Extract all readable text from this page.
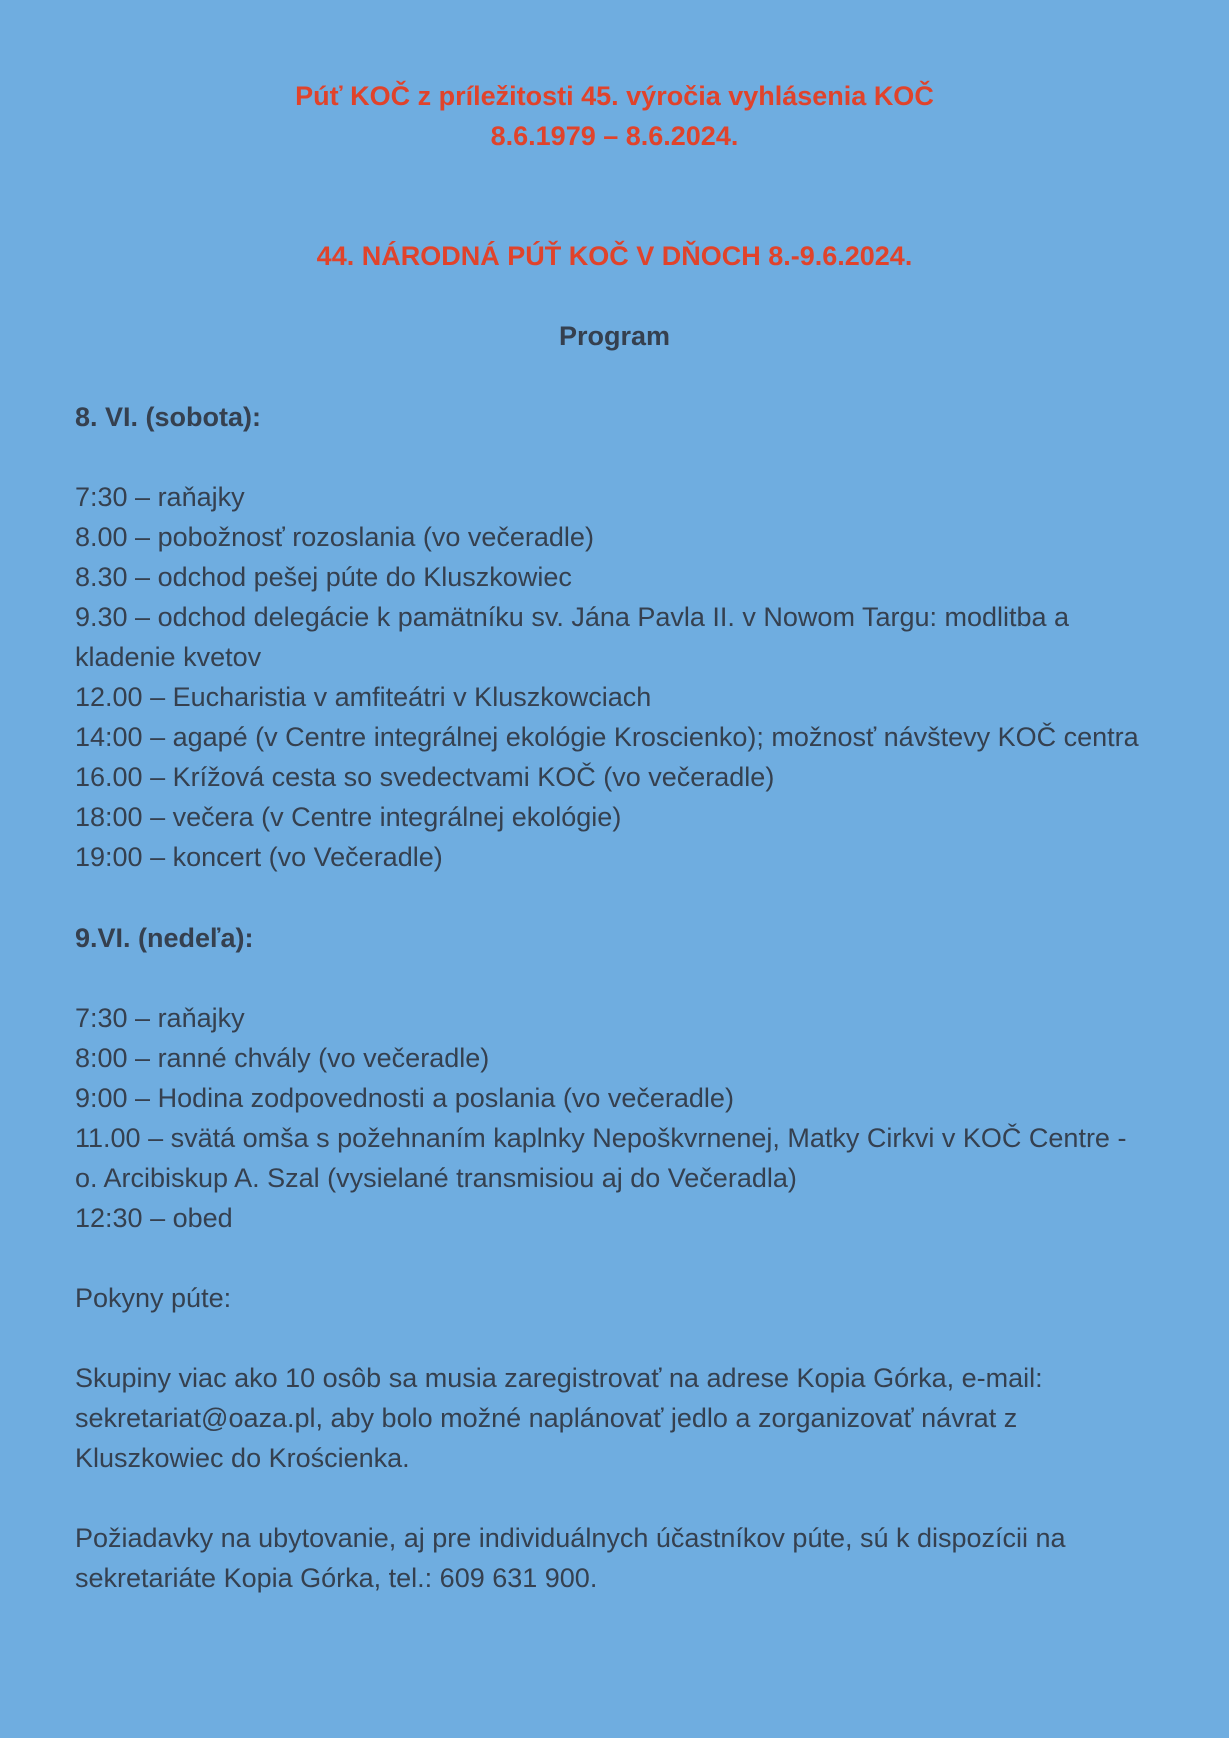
Púť KOČ z príležitosti 45. výročia vyhlásenia KOČ
8.6.1979 – 8.6.2024.
44. NÁRODNÁ PÚŤ KOČ V DŇOCH 8.-9.6.2024.
Program
8. VI. (sobota):
7:30 – raňajky
8.00 – pobožnosť rozoslania (vo večeradle)
8.30 – odchod pešej púte do Kluszkowiec
9.30 – odchod delegácie k pamätníku sv. Jána Pavla II. v Nowom Targu: modlitba a kladenie kvetov
12.00 – Eucharistia v amfiteátri v Kluszkowciach
14:00 – agapé (v Centre integrálnej ekológie Kroscienko); možnosť návštevy KOČ centra
16.00 – Krížová cesta so svedectvami KOČ (vo večeradle)
18:00 – večera (v Centre integrálnej ekológie)
19:00 – koncert (vo Večeradle)
9.VI. (nedeľa):
7:30 – raňajky
8:00 – ranné chvály (vo večeradle)
9:00 – Hodina zodpovednosti a poslania (vo večeradle)
11.00 – svätá omša s požehnaním kaplnky Nepoškvrnenej, Matky Cirkvi v KOČ Centre - o. Arcibiskup A. Szal (vysielané transmisiou aj do Večeradla)
12:30 – obed

Pokyny púte:

Skupiny viac ako 10 osôb sa musia zaregistrovať na adrese Kopia Górka, e-mail: sekretariat@oaza.pl, aby bolo možné naplánovať jedlo a zorganizovať návrat z Kluszkowiec do Krościenka.

Požiadavky na ubytovanie, aj pre individuálnych účastníkov púte, sú k dispozícii na sekretariáte Kopia Górka, tel.: 609 631 900.
